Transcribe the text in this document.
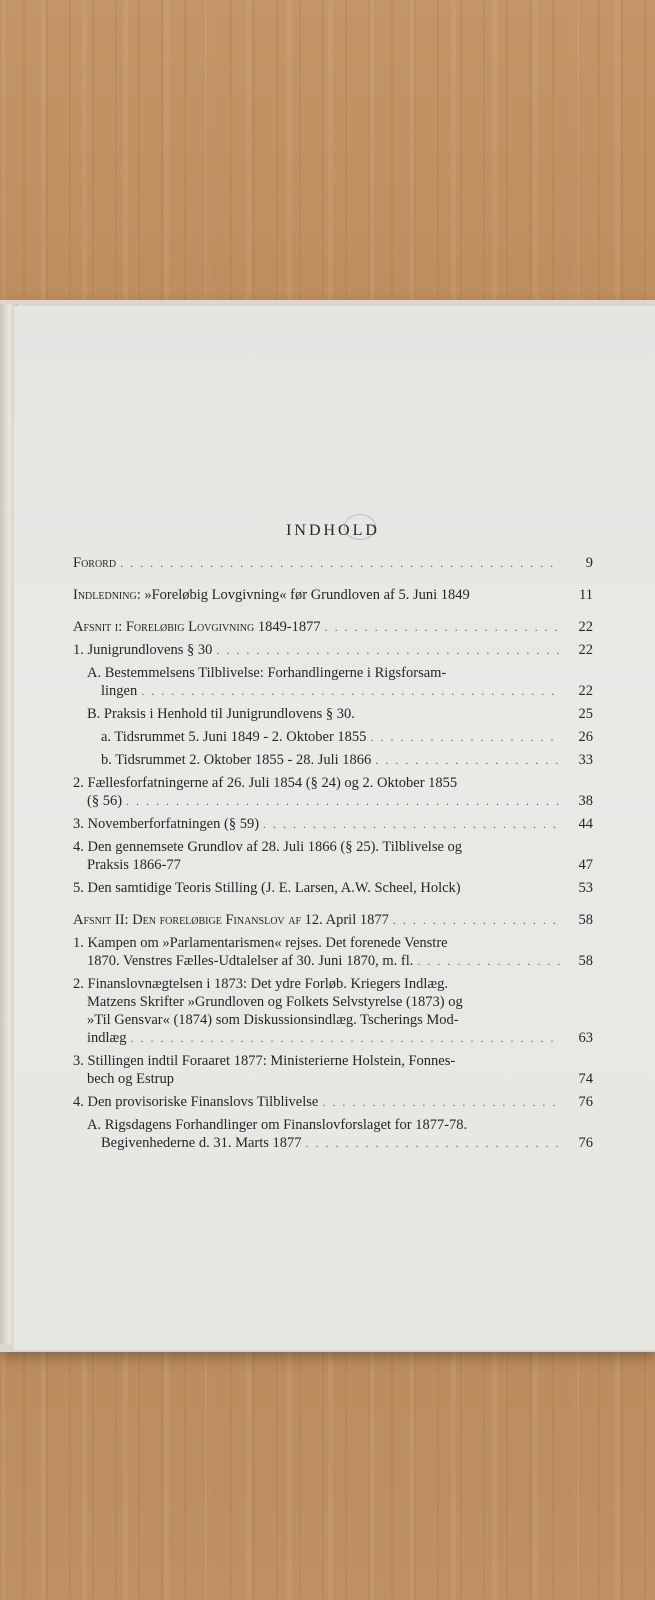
INDHOLD
Forord . . .	9
Indledning: »Foreløbig Lovgivning« før Grundloven af 5. Juni 1849	11
Afsnit i: Foreløbig Lovgivning 1849-1877 . . .	22
1. Junigrundlovens § 30 . . .	22
A. Bestemmelsens Tilblivelse: Forhandlingerne i Rigsforsam-
lingen . . .	22
B. Praksis i Henhold til Junigrundlovens § 30.	25
a. Tidsrummet 5. Juni 1849 - 2. Oktober 1855 . . .	26
b. Tidsrummet 2. Oktober 1855 - 28. Juli 1866 . . .	33
2. Fællesforfatningerne af 26. Juli 1854 (§ 24) og 2. Oktober 1855
(§ 56) . . .	38
3. Novemberforfatningen (§ 59) . . .	44
4. Den gennemsete Grundlov af 28. Juli 1866 (§ 25). Tilblivelse og
Praksis 1866-77	47
5. Den samtidige Teoris Stilling (J. E. Larsen, A.W. Scheel, Holck)	53
Afsnit II: Den foreløbige Finanslov af 12. April 1877 . . .	58
1. Kampen om »Parlamentarismen« rejses. Det forenede Venstre
1870. Venstres Fælles-Udtalelser af 30. Juni 1870, m. fl. . . .	58
2. Finanslovnægtelsen i 1873: Det ydre Forløb. Kriegers Indlæg.
Matzens Skrifter »Grundloven og Folkets Selvstyrelse (1873) og
»Til Gensvar« (1874) som Diskussionsindlæg. Tscherings Mod-
indlæg . . .	63
3. Stillingen indtil Foraaret 1877: Ministerierne Holstein, Fonnes-
bech og Estrup	74
4. Den provisoriske Finanslovs Tilblivelse . . .	76
A. Rigsdagens Forhandlinger om Finanslovforslaget for 1877-78.
Begivenhederne d. 31. Marts 1877 . . .	76
